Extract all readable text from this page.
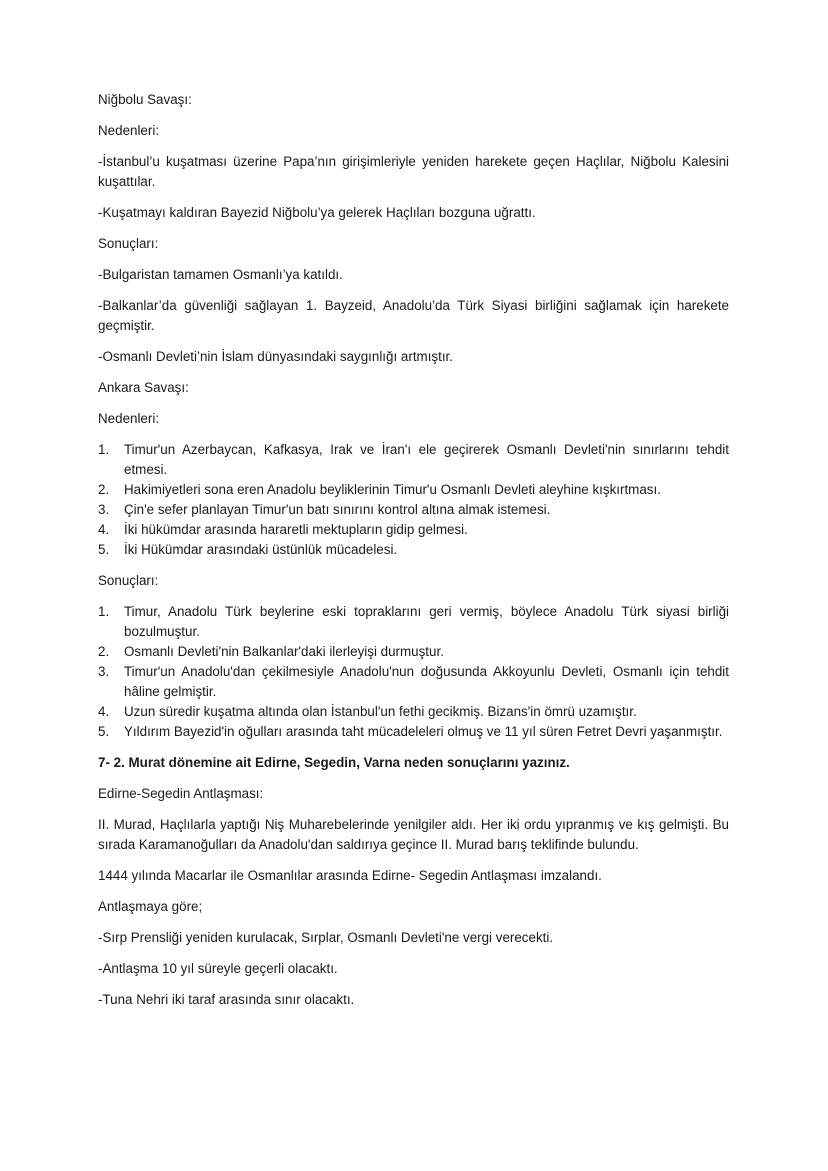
Niğbolu Savaşı:

Nedenleri:

-İstanbul’u kuşatması üzerine Papa’nın girişimleriyle yeniden harekete geçen Haçlılar, Niğbolu Kalesini kuşattılar.

-Kuşatmayı kaldıran Bayezid Niğbolu’ya gelerek Haçlıları bozguna uğrattı.

Sonuçları:

-Bulgaristan tamamen Osmanlı’ya katıldı.

-Balkanlar’da güvenliği sağlayan 1. Bayzeid, Anadolu’da Türk Siyasi birliğini sağlamak için harekete geçmiştir.

-Osmanlı Devleti’nin İslam dünyasındaki saygınlığı artmıştır.

Ankara Savaşı:

Nedenleri:

1. Timur'un Azerbaycan, Kafkasya, Irak ve İran'ı ele geçirerek Osmanlı Devleti'nin sınırlarını tehdit etmesi.
2. Hakimiyetleri sona eren Anadolu beyliklerinin Timur'u Osmanlı Devleti aleyhine kışkırtması.
3. Çin'e sefer planlayan Timur'un batı sınırını kontrol altına almak istemesi.
4. İki hükümdar arasında hararetli mektupların gidip gelmesi.
5. İki Hükümdar arasındaki üstünlük mücadelesi.

Sonuçları:

1. Timur, Anadolu Türk beylerine eski topraklarını geri vermiş, böylece Anadolu Türk siyasi birliği bozulmuştur.
2. Osmanlı Devleti'nin Balkanlar'daki ilerleyişi durmuştur.
3. Timur'un Anadolu'dan çekilmesiyle Anadolu'nun doğusunda Akkoyunlu Devleti, Osmanlı için tehdit hâline gelmiştir.
4. Uzun süredir kuşatma altında olan İstanbul'un fethi gecikmiş. Bizans'in ömrü uzamıştır.
5. Yıldırım Bayezid'in oğulları arasında taht mücadeleleri olmuş ve 11 yıl süren Fetret Devri yaşanmıştır.

7- 2. Murat dönemine ait Edirne, Segedin, Varna neden sonuçlarını yazınız.

Edirne-Segedin Antlaşması:

II. Murad, Haçlılarla yaptığı Niş Muharebelerinde yenilgiler aldı. Her iki ordu yıpranmış ve kış gelmişti. Bu sırada Karamanoğulları da Anadolu'dan saldırıya geçince II. Murad barış teklifinde bulundu.

1444 yılında Macarlar ile Osmanlılar arasında Edirne- Segedin Antlaşması imzalandı.

Antlaşmaya göre;

-Sırp Prensliği yeniden kurulacak, Sırplar, Osmanlı Devleti'ne vergi verecekti.

-Antlaşma 10 yıl süreyle geçerli olacaktı.

-Tuna Nehri iki taraf arasında sınır olacaktı.
